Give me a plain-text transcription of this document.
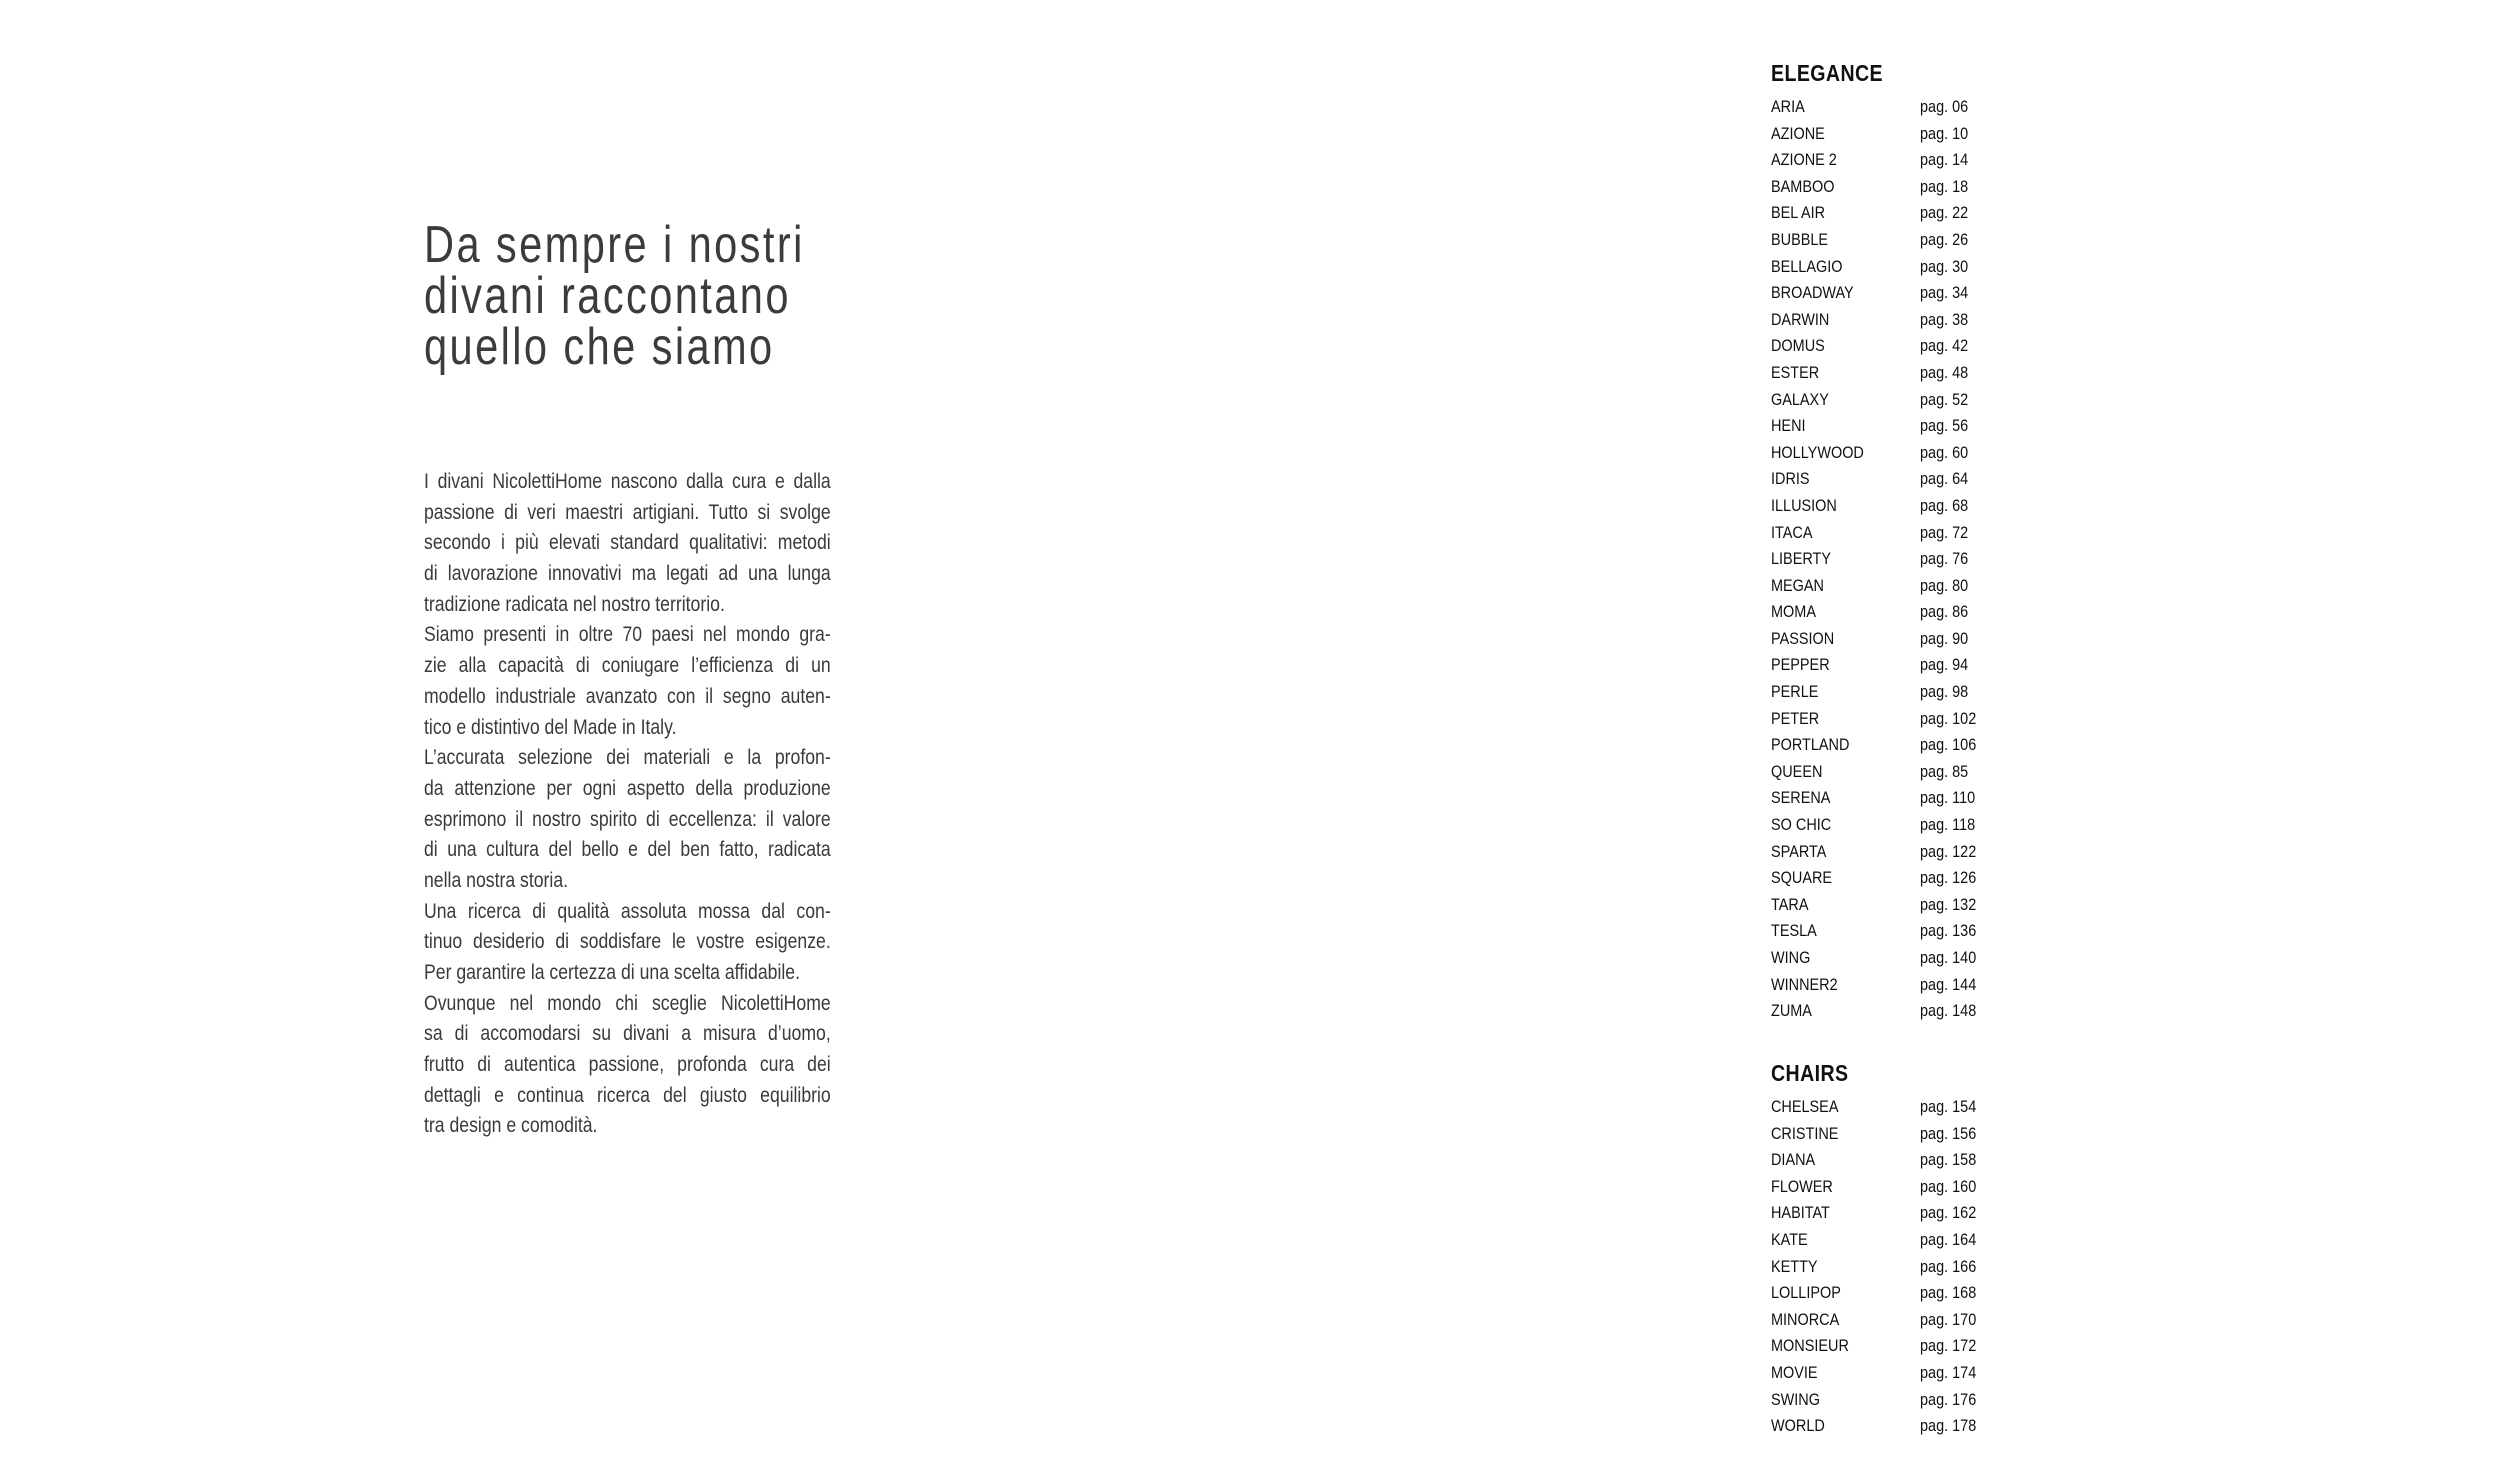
Da sempre i nostri
divani raccontano
quello che siamo
I divani NicolettiHome nascono dalla cura e dalla
passione di veri maestri artigiani. Tutto si svolge
secondo i più elevati standard qualitativi: metodi
di lavorazione innovativi ma legati ad una lunga
tradizione radicata nel nostro territorio.
Siamo presenti in oltre 70 paesi nel mondo gra-
zie alla capacità di coniugare l’efficienza di un
modello industriale avanzato con il segno auten-
tico e distintivo del Made in Italy.
L’accurata selezione dei materiali e la profon-
da attenzione per ogni aspetto della produzione
esprimono il nostro spirito di eccellenza: il valore
di una cultura del bello e del ben fatto, radicata
nella nostra storia.
Una ricerca di qualità assoluta mossa dal con-
tinuo desiderio di soddisfare le vostre esigenze.
Per garantire la certezza di una scelta affidabile.
Ovunque nel mondo chi sceglie NicolettiHome
sa di accomodarsi su divani a misura d’uomo,
frutto di autentica passione, profonda cura dei
dettagli e continua ricerca del giusto equilibrio
tra design e comodità.
ELEGANCE
ARIA	pag. 06
AZIONE	pag. 10
AZIONE 2	pag. 14
BAMBOO	pag. 18
BEL AIR	pag. 22
BUBBLE	pag. 26
BELLAGIO	pag. 30
BROADWAY	pag. 34
DARWIN	pag. 38
DOMUS	pag. 42
ESTER	pag. 48
GALAXY	pag. 52
HENI	pag. 56
HOLLYWOOD	pag. 60
IDRIS	pag. 64
ILLUSION	pag. 68
ITACA	pag. 72
LIBERTY	pag. 76
MEGAN	pag. 80
MOMA	pag. 86
PASSION	pag. 90
PEPPER	pag. 94
PERLE	pag. 98
PETER	pag. 102
PORTLAND	pag. 106
QUEEN	pag. 85
SERENA	pag. 110
SO CHIC	pag. 118
SPARTA	pag. 122
SQUARE	pag. 126
TARA	pag. 132
TESLA	pag. 136
WING	pag. 140
WINNER2	pag. 144
ZUMA	pag. 148
CHAIRS
CHELSEA	pag. 154
CRISTINE	pag. 156
DIANA	pag. 158
FLOWER	pag. 160
HABITAT	pag. 162
KATE	pag. 164
KETTY	pag. 166
LOLLIPOP	pag. 168
MINORCA	pag. 170
MONSIEUR	pag. 172
MOVIE	pag. 174
SWING	pag. 176
WORLD	pag. 178
